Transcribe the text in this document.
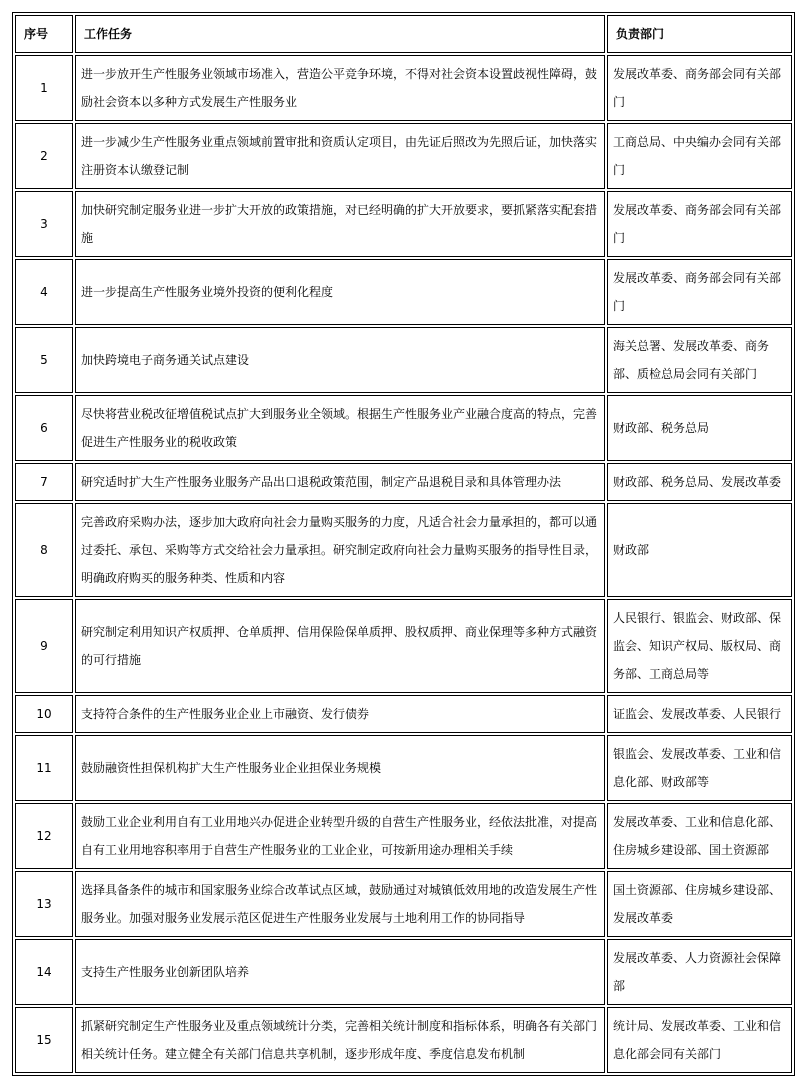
序号	工作任务	负责部门
1	进一步放开生产性服务业领域市场准入，营造公平竞争环境，不得对社会资本设置歧视性障碍，鼓励社会资本以多种方式发展生产性服务业	发展改革委、商务部会同有关部门
2	进一步减少生产性服务业重点领域前置审批和资质认定项目，由先证后照改为先照后证，加快落实注册资本认缴登记制	工商总局、中央编办会同有关部门
3	加快研究制定服务业进一步扩大开放的政策措施，对已经明确的扩大开放要求，要抓紧落实配套措施	发展改革委、商务部会同有关部门
4	进一步提高生产性服务业境外投资的便利化程度	发展改革委、商务部会同有关部门
5	加快跨境电子商务通关试点建设	海关总署、发展改革委、商务部、质检总局会同有关部门
6	尽快将营业税改征增值税试点扩大到服务业全领域。根据生产性服务业产业融合度高的特点，完善促进生产性服务业的税收政策	财政部、税务总局
7	研究适时扩大生产性服务业服务产品出口退税政策范围，制定产品退税目录和具体管理办法	财政部、税务总局、发展改革委
8	完善政府采购办法，逐步加大政府向社会力量购买服务的力度，凡适合社会力量承担的，都可以通过委托、承包、采购等方式交给社会力量承担。研究制定政府向社会力量购买服务的指导性目录，明确政府购买的服务种类、性质和内容	财政部
9	研究制定利用知识产权质押、仓单质押、信用保险保单质押、股权质押、商业保理等多种方式融资的可行措施	人民银行、银监会、财政部、保监会、知识产权局、版权局、商务部、工商总局等
10	支持符合条件的生产性服务业企业上市融资、发行债券	证监会、发展改革委、人民银行
11	鼓励融资性担保机构扩大生产性服务业企业担保业务规模	银监会、发展改革委、工业和信息化部、财政部等
12	鼓励工业企业利用自有工业用地兴办促进企业转型升级的自营生产性服务业，经依法批准，对提高自有工业用地容积率用于自营生产性服务业的工业企业，可按新用途办理相关手续	发展改革委、工业和信息化部、住房城乡建设部、国土资源部
13	选择具备条件的城市和国家服务业综合改革试点区域，鼓励通过对城镇低效用地的改造发展生产性服务业。加强对服务业发展示范区促进生产性服务业发展与土地利用工作的协同指导	国土资源部、住房城乡建设部、发展改革委
14	支持生产性服务业创新团队培养	发展改革委、人力资源社会保障部
15	抓紧研究制定生产性服务业及重点领域统计分类，完善相关统计制度和指标体系，明确各有关部门相关统计任务。建立健全有关部门信息共享机制，逐步形成年度、季度信息发布机制	统计局、发展改革委、工业和信息化部会同有关部门
